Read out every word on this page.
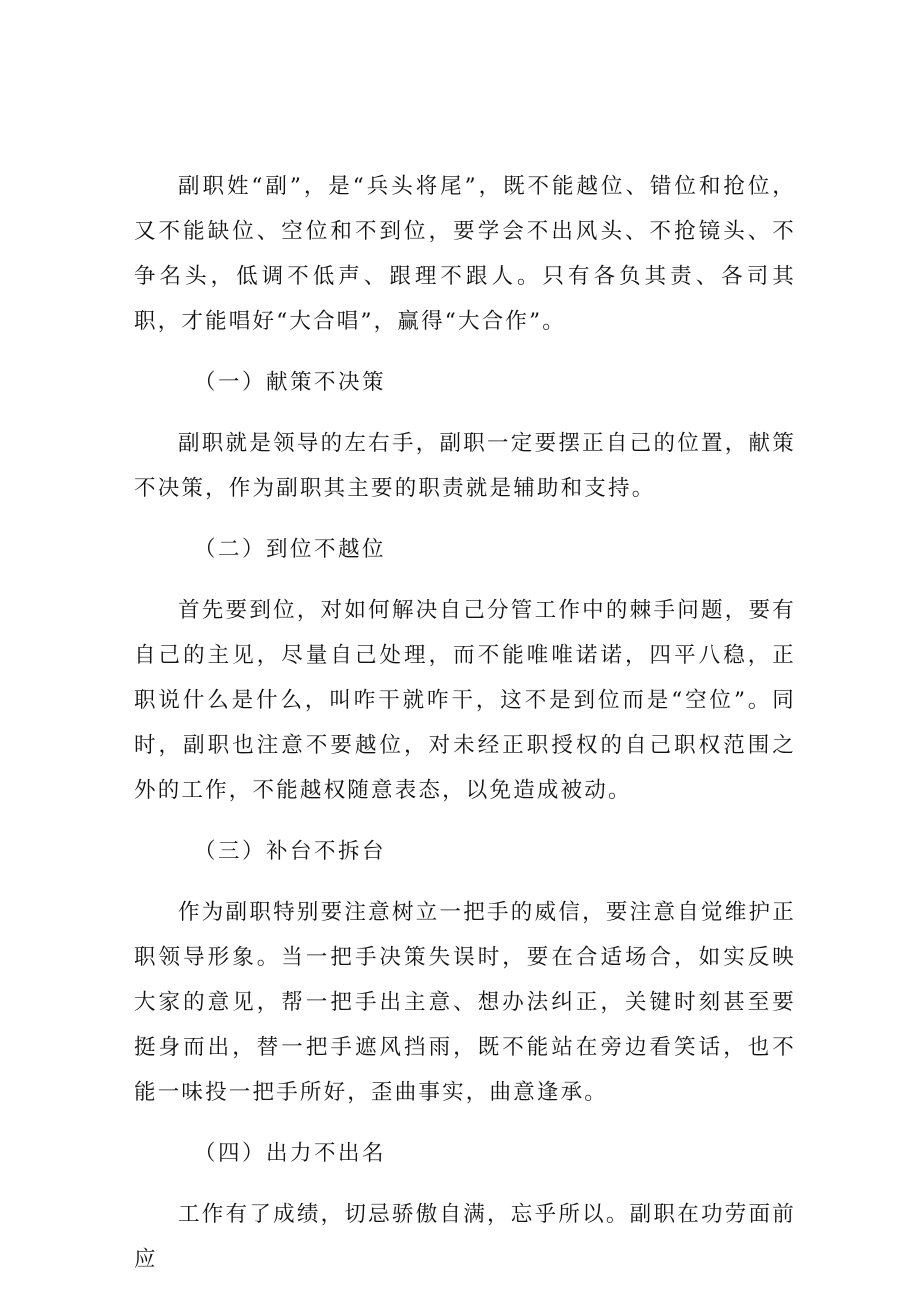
副职姓“副”，是“兵头将尾”，既不能越位、错位和抢位，又不能缺位、空位和不到位，要学会不出风头、不抢镜头、不争名头，低调不低声、跟理不跟人。只有各负其责、各司其职，才能唱好“大合唱”，赢得“大合作”。

（一）献策不决策

副职就是领导的左右手，副职一定要摆正自己的位置，献策不决策，作为副职其主要的职责就是辅助和支持。

（二）到位不越位

首先要到位，对如何解决自己分管工作中的棘手问题，要有自己的主见，尽量自己处理，而不能唯唯诺诺，四平八稳，正职说什么是什么，叫咋干就咋干，这不是到位而是“空位”。同时，副职也注意不要越位，对未经正职授权的自己职权范围之外的工作，不能越权随意表态，以免造成被动。

（三）补台不拆台

作为副职特别要注意树立一把手的威信，要注意自觉维护正职领导形象。当一把手决策失误时，要在合适场合，如实反映大家的意见，帮一把手出主意、想办法纠正，关键时刻甚至要挺身而出，替一把手遮风挡雨，既不能站在旁边看笑话，也不能一味投一把手所好，歪曲事实，曲意逢承。

（四）出力不出名

工作有了成绩，切忌骄傲自满，忘乎所以。副职在功劳面前应
